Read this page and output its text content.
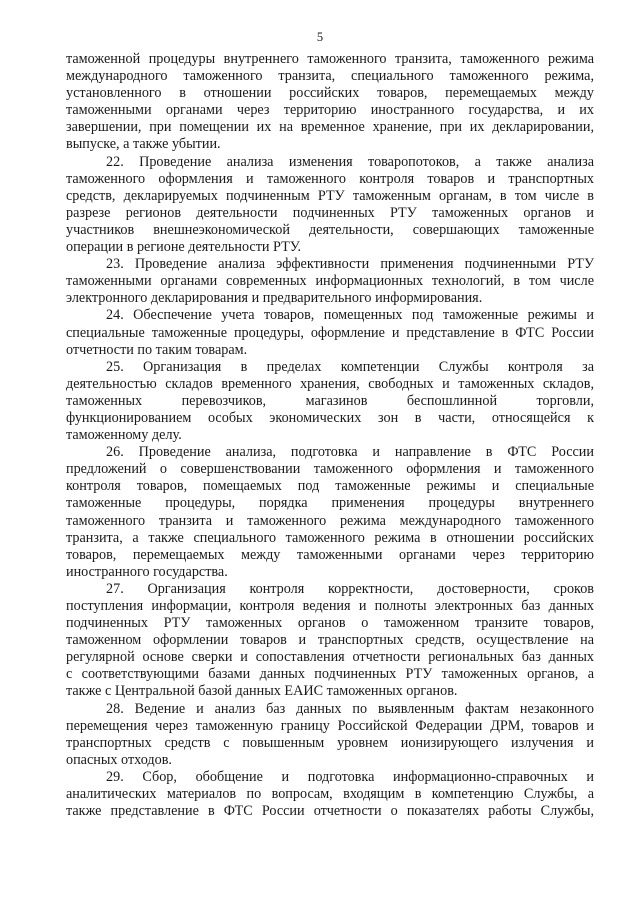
5
таможенной процедуры внутреннего таможенного транзита, таможенного режима
международного таможенного транзита, специального таможенного режима,
установленного в отношении российских товаров, перемещаемых между
таможенными органами через территорию иностранного государства, и их
завершении, при помещении их на временное хранение, при их декларировании,
выпуске, а также убытии.
22. Проведение анализа изменения товаропотоков, а также анализа
таможенного оформления и таможенного контроля товаров и транспортных
средств, декларируемых подчиненным РТУ таможенным органам, в том числе в
разрезе регионов деятельности подчиненных РТУ таможенных органов и
участников внешнеэкономической деятельности, совершающих таможенные
операции в регионе деятельности РТУ.
23. Проведение анализа эффективности применения подчиненными РТУ
таможенными органами современных информационных технологий, в том числе
электронного декларирования и предварительного информирования.
24. Обеспечение учета товаров, помещенных под таможенные режимы и
специальные таможенные процедуры, оформление и представление в ФТС России
отчетности по таким товарам.
25. Организация в пределах компетенции Службы контроля за
деятельностью складов временного хранения, свободных и таможенных складов,
таможенных перевозчиков, магазинов беспошлинной торговли,
функционированием особых экономических зон в части, относящейся к
таможенному делу.
26. Проведение анализа, подготовка и направление в ФТС России
предложений о совершенствовании таможенного оформления и таможенного
контроля товаров, помещаемых под таможенные режимы и специальные
таможенные процедуры, порядка применения процедуры внутреннего
таможенного транзита и таможенного режима международного таможенного
транзита, а также специального таможенного режима в отношении российских
товаров, перемещаемых между таможенными органами через территорию
иностранного государства.
27. Организация контроля корректности, достоверности, сроков
поступления информации, контроля ведения и полноты электронных баз данных
подчиненных РТУ таможенных органов о таможенном транзите товаров,
таможенном оформлении товаров и транспортных средств, осуществление на
регулярной основе сверки и сопоставления отчетности региональных баз данных
с соответствующими базами данных подчиненных РТУ таможенных органов, а
также с Центральной базой данных ЕАИС таможенных органов.
28. Ведение и анализ баз данных по выявленным фактам незаконного
перемещения через таможенную границу Российской Федерации ДРМ, товаров и
транспортных средств с повышенным уровнем ионизирующего излучения и
опасных отходов.
29. Сбор, обобщение и подготовка информационно-справочных и
аналитических материалов по вопросам, входящим в компетенцию Службы, а
также представление в ФТС России отчетности о показателях работы Службы,
